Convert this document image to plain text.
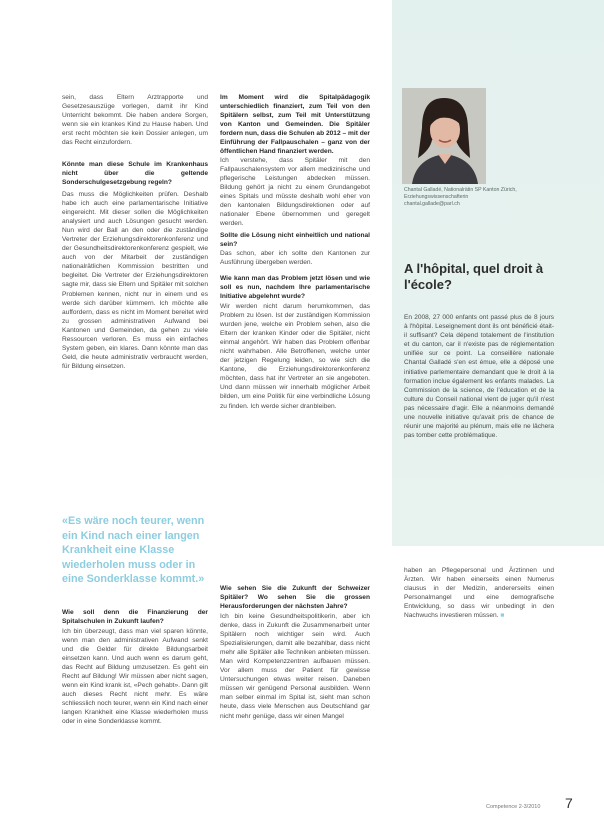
sein, dass Eltern Arztrapporte und Gesetzesauszüge vorlegen, damit ihr Kind Unterricht bekommt. Die haben andere Sorgen, wenn sie ein krankes Kind zu Hause haben. Und erst recht möchten sie kein Dossier anlegen, um das Recht einzufordern.
Könnte man diese Schule im Krankenhaus nicht über die geltende Sonderschulgesetzgebung regeln?
Das muss die Möglichkeiten prüfen. Deshalb habe ich auch eine parlamentarische Initiative eingereicht. Mit dieser sollen die Möglichkeiten analysiert und auch Lösungen gesucht werden. Nun wird der Ball an den oder die zuständige Vertreter der Erziehungsdirektorenkonferenz und der Gesundheitsdirektorenkonferenz gespielt, wie auch von der Mitarbeit der zuständigen nationalrätlichen Kommission bestritten und begleitet. Die Vertreter der Erziehungsdirektoren sagte mir, dass sie Eltern und Spitäler mit solchen Problemen kennen, nicht nur in einem und es werde sich darüber kümmern. Ich möchte alle auffordern, dass es nicht im Moment bereitet wird zu grossen administrativen Aufwand bei Kantonen und Gemeinden, da gehen zu viele Ressourcen verloren. Es muss ein einfaches System geben, ein klares. Dann könnte man das Geld, die heute administrativ verbraucht werden, für Bildung einsetzen.
«Es wäre noch teurer, wenn ein Kind nach einer langen Krankheit eine Klasse wiederholen muss oder in eine Sonderklasse kommt.»
Wie soll denn die Finanzierung der Spitalschulen in Zukunft laufen?
Ich bin überzeugt, dass man viel sparen könnte, wenn man den administrativen Aufwand senkt und die Gelder für direkte Bildungsarbeit einsetzen kann. Und auch wenn es darum geht, das Recht auf Bildung umzusetzen. Es geht ein Recht auf Bildung! Wir müssen aber nicht sagen, wenn ein Kind krank ist, «Pech gehabt». Dann gilt auch dieses Recht nicht mehr. Es wäre schliesslich noch teurer, wenn ein Kind nach einer langen Krankheit eine Klasse wiederholen muss oder in eine Sonderklasse kommt.
Im Moment wird die Spitalpädagogik unterschiedlich finanziert, zum Teil von den Spitälern selbst, zum Teil mit Unterstützung von Kanton und Gemeinden. Die Spitäler fordern nun, dass die Schulen ab 2012 – mit der Einführung der Fallpauschalen – ganz von der öffentlichen Hand finanziert werden.
Ich verstehe, dass Spitäler mit den Fallpauschalensystem vor allem medizinische und pflegerische Leistungen abdecken müssen. Bildung gehört ja nicht zu einem Grundangebot eines Spitals und müsste deshalb wohl eher von den kantonalen Bildungsdirektionen oder auf nationaler Ebene übernommen und geregelt werden.
Sollte die Lösung nicht einheitlich und national sein?
Das schon, aber ich sollte den Kantonen zur Ausführung übergeben werden.
Wie kann man das Problem jetzt lösen und wie soll es nun, nachdem Ihre parlamentarische Initiative abgelehnt wurde?
Wir werden nicht darum herumkommen, das Problem zu lösen. Ist der zuständigen Kommission wurden jene, welche ein Problem sehen, also die Eltern der kranken Kinder oder die Spitäler, nicht einmal angehört. Wir haben das Problem offenbar nicht wahrhaben. Alle Betroffenen, welche unter der jetzigen Regelung leiden, so wie sich die Kantone, die Erziehungsdirektorenkonferenz möchten, dass hat ihr Vertreter an sie angeboten. Und dann müssen wir innerhalb möglicher Arbeit bilden, um eine Politik für eine verbindliche Lösung zu finden. Ich werde sicher dranbleiben.
Wie sehen Sie die Zukunft der Schweizer Spitäler? Wo sehen Sie die grossen Herausforderungen der nächsten Jahre?
Ich bin keine Gesundheitspolitikerin, aber ich denke, dass in Zukunft die Zusammenarbeit unter Spitälern noch wichtiger sein wird. Auch Spezialisierungen, damit alle bezahlbar, dass nicht mehr alle Spitäler alle Techniken anbieten müssen. Man wird Kompetenzzentren aufbauen müssen. Vor allem muss der Patient für gewisse Untersuchungen etwas weiter reisen. Daneben müssen wir genügend Personal ausbilden. Wenn man selber einmal im Spital ist, sieht man schon heute, dass viele Menschen aus Deutschland gar nicht mehr genüge, dass wir einen Mangel
Chantal Galladé, Nationalrätin SP Kanton Zürich, Erziehungswissenschafterin
chantal.gallade@parl.ch
A l'hôpital, quel droit à l'école?
En 2008, 27 000 enfants ont passé plus de 8 jours à l'hôpital. Leseignement dont ils ont bénéficié était-il suffisant? Cela dépend totalement de l'institution et du canton, car il n'existe pas de réglementation unifiée sur ce point. La conseillère nationale Chantal Galladé s'en est émue, elle a déposé une initiative parlementaire demandant que le droit à la formation inclue également les enfants malades. La Commission de la science, de l'éducation et de la culture du Conseil national vient de juger qu'il n'est pas nécessaire d'agir. Elle a néanmoins demandé une nouvelle initiative qu'avait pris de chance de réunir une majorité au plénum, mais elle ne lâchera pas tomber cette problématique.
haben an Pflegepersonal und Ärztinnen und Ärzten. Wir haben einerseits einen Numerus clausus in der Medizin, andererseits einen Personalmangel und eine demografische Entwicklung, so dass wir unbedingt in den Nachwuchs investieren müssen. ■
Competence 2-3/2010 7
